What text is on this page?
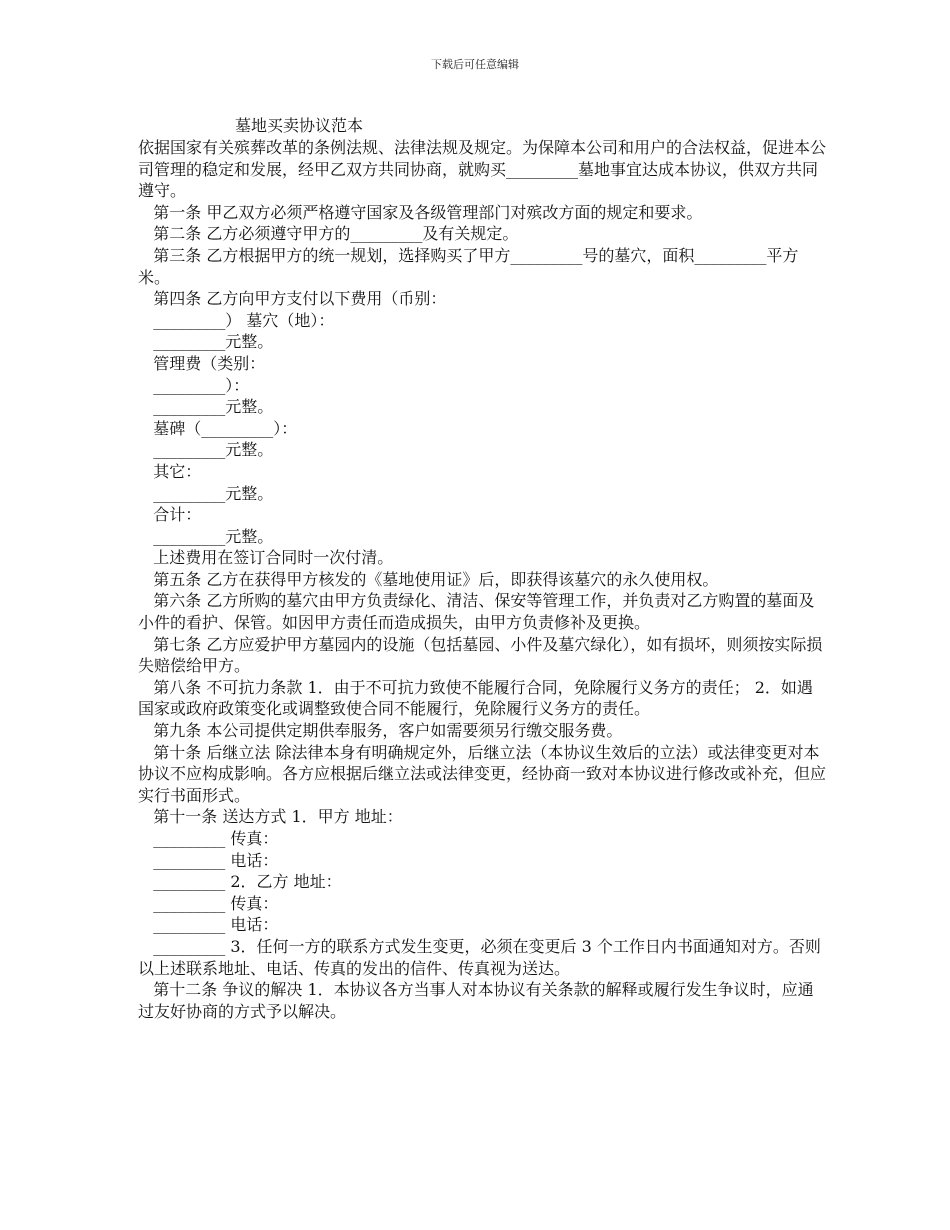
下载后可任意编辑
墓地买卖协议范本

依据国家有关殡葬改革的条例法规、法律法规及规定。为保障本公司和用户的合法权益，促进本公司管理的稳定和发展，经甲乙双方共同协商，就购买_________墓地事宜达成本协议，供双方共同遵守。

第一条 甲乙双方必须严格遵守国家及各级管理部门对殡改方面的规定和要求。

第二条 乙方必须遵守甲方的_________及有关规定。

第三条 乙方根据甲方的统一规划，选择购买了甲方_________号的墓穴，面积_________平方米。

第四条 乙方向甲方支付以下费用（币别：

_________） 墓穴（地）：

_________元整。

管理费（类别：

_________）：

_________元整。

墓碑（_________）：

_________元整。

其它：

_________元整。

合计：

_________元整。

上述费用在签订合同时一次付清。

第五条 乙方在获得甲方核发的《墓地使用证》后，即获得该墓穴的永久使用权。

第六条 乙方所购的墓穴由甲方负责绿化、清洁、保安等管理工作，并负责对乙方购置的墓面及小件的看护、保管。如因甲方责任而造成损失，由甲方负责修补及更换。

第七条 乙方应爱护甲方墓园内的设施（包括墓园、小件及墓穴绿化），如有损坏，则须按实际损失赔偿给甲方。

第八条 不可抗力条款 1．由于不可抗力致使不能履行合同，免除履行义务方的责任； 2．如遇国家或政府政策变化或调整致使合同不能履行，免除履行义务方的责任。

第九条 本公司提供定期供奉服务，客户如需要须另行缴交服务费。

第十条 后继立法 除法律本身有明确规定外，后继立法（本协议生效后的立法）或法律变更对本协议不应构成影响。各方应根据后继立法或法律变更，经协商一致对本协议进行修改或补充，但应实行书面形式。

第十一条 送达方式 1．甲方 地址：

_________ 传真：

_________ 电话：

_________ 2．乙方 地址：

_________ 传真：

_________ 电话：

_________ 3．任何一方的联系方式发生变更，必须在变更后 3 个工作日内书面通知对方。否则以上述联系地址、电话、传真的发出的信件、传真视为送达。

第十二条 争议的解决 1．本协议各方当事人对本协议有关条款的解释或履行发生争议时，应通过友好协商的方式予以解决。
